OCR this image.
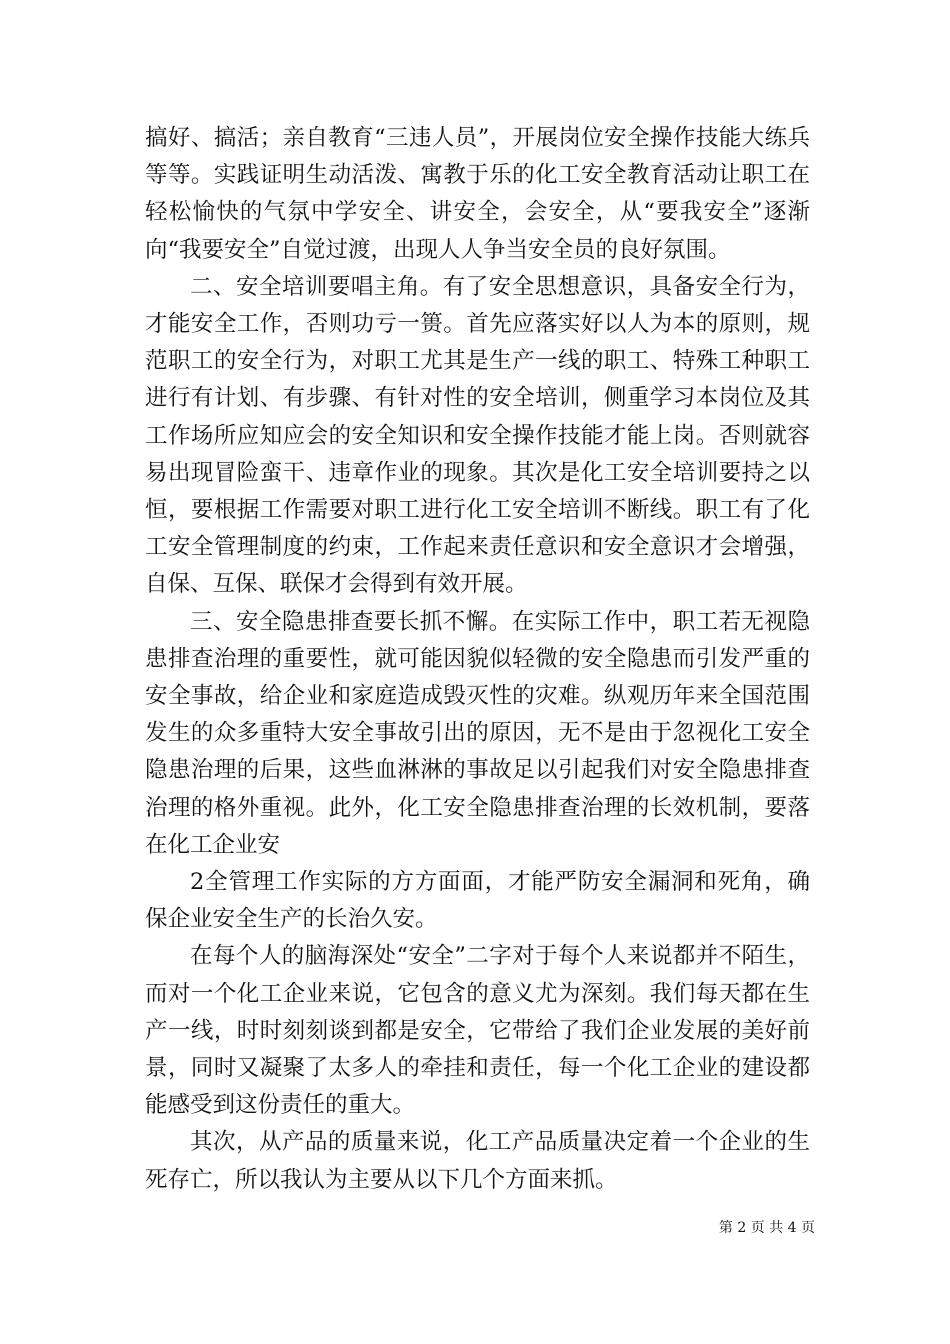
搞好、搞活；亲自教育“三违人员”，开展岗位安全操作技能大练兵等等。实践证明生动活泼、寓教于乐的化工安全教育活动让职工在轻松愉快的气氛中学安全、讲安全，会安全，从“要我安全”逐渐向“我要安全”自觉过渡，出现人人争当安全员的良好氛围。

二、安全培训要唱主角。有了安全思想意识，具备安全行为，才能安全工作，否则功亏一篑。首先应落实好以人为本的原则，规范职工的安全行为，对职工尤其是生产一线的职工、特殊工种职工进行有计划、有步骤、有针对性的安全培训，侧重学习本岗位及其工作场所应知应会的安全知识和安全操作技能才能上岗。否则就容易出现冒险蛮干、违章作业的现象。其次是化工安全培训要持之以恒，要根据工作需要对职工进行化工安全培训不断线。职工有了化工安全管理制度的约束，工作起来责任意识和安全意识才会增强，自保、互保、联保才会得到有效开展。

三、安全隐患排查要长抓不懈。在实际工作中，职工若无视隐患排查治理的重要性，就可能因貌似轻微的安全隐患而引发严重的安全事故，给企业和家庭造成毁灭性的灾难。纵观历年来全国范围发生的众多重特大安全事故引出的原因，无不是由于忽视化工安全隐患治理的后果，这些血淋淋的事故足以引起我们对安全隐患排查治理的格外重视。此外，化工安全隐患排查治理的长效机制，要落在化工企业安

2全管理工作实际的方方面面，才能严防安全漏洞和死角，确保企业安全生产的长治久安。

在每个人的脑海深处“安全”二字对于每个人来说都并不陌生，而对一个化工企业来说，它包含的意义尤为深刻。我们每天都在生产一线，时时刻刻谈到都是安全，它带给了我们企业发展的美好前景，同时又凝聚了太多人的牵挂和责任，每一个化工企业的建设都能感受到这份责任的重大。

其次，从产品的质量来说，化工产品质量决定着一个企业的生死存亡，所以我认为主要从以下几个方面来抓。

第 2 页 共 4 页
